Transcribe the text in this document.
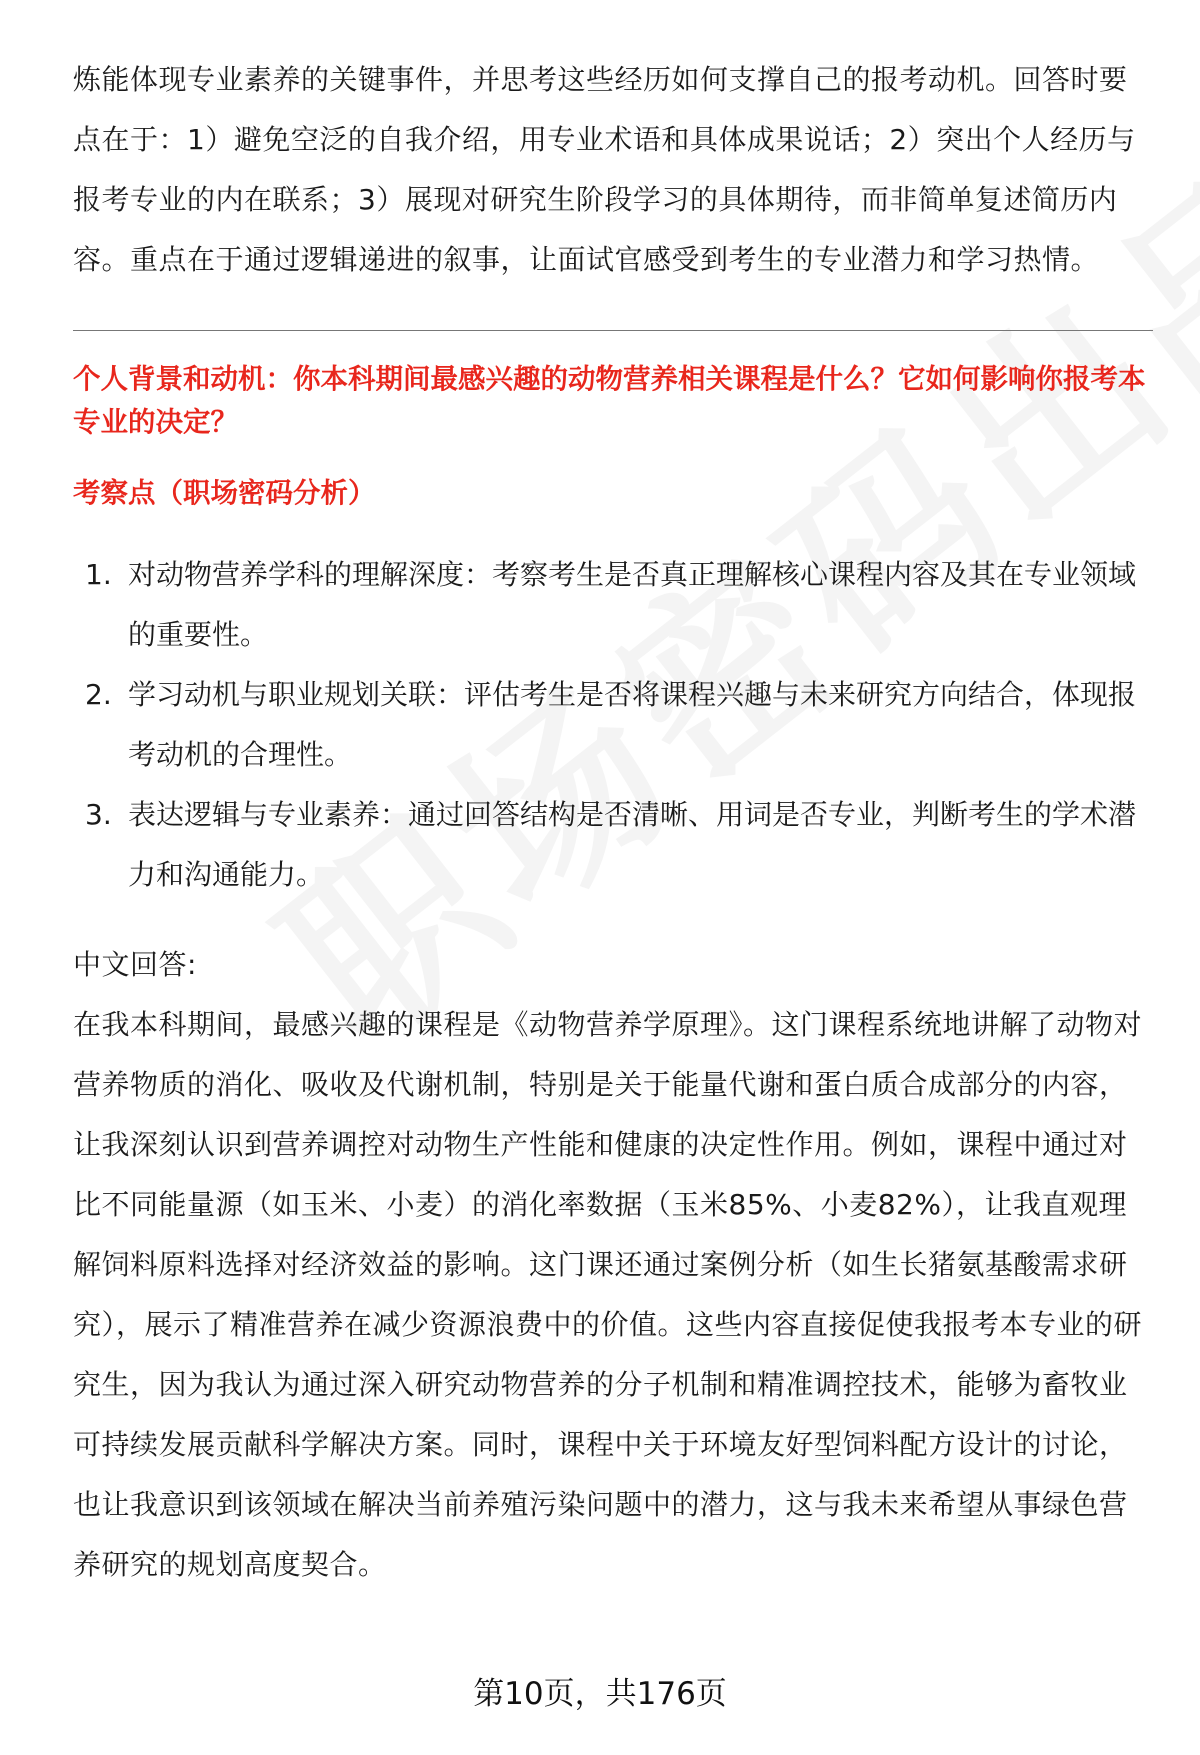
炼能体现专业素养的关键事件，并思考这些经历如何支撑自己的报考动机。回答时要点在于：1）避免空泛的自我介绍，用专业术语和具体成果说话；2）突出个人经历与报考专业的内在联系；3）展现对研究生阶段学习的具体期待，而非简单复述简历内容。重点在于通过逻辑递进的叙事，让面试官感受到考生的专业潜力和学习热情。

个人背景和动机：你本科期间最感兴趣的动物营养相关课程是什么？它如何影响你报考本专业的决定？

考察点（职场密码分析）

1. 对动物营养学科的理解深度：考察考生是否真正理解核心课程内容及其在专业领域的重要性。
2. 学习动机与职业规划关联：评估考生是否将课程兴趣与未来研究方向结合，体现报考动机的合理性。
3. 表达逻辑与专业素养：通过回答结构是否清晰、用词是否专业，判断考生的学术潜力和沟通能力。

中文回答:

在我本科期间，最感兴趣的课程是《动物营养学原理》。这门课程系统地讲解了动物对营养物质的消化、吸收及代谢机制，特别是关于能量代谢和蛋白质合成部分的内容，让我深刻认识到营养调控对动物生产性能和健康的决定性作用。例如，课程中通过对比不同能量源（如玉米、小麦）的消化率数据（玉米85%、小麦82%），让我直观理解饲料原料选择对经济效益的影响。这门课还通过案例分析（如生长猪氨基酸需求研究），展示了精准营养在减少资源浪费中的价值。这些内容直接促使我报考本专业的研究生，因为我认为通过深入研究动物营养的分子机制和精准调控技术，能够为畜牧业可持续发展贡献科学解决方案。同时，课程中关于环境友好型饲料配方设计的讨论，也让我意识到该领域在解决当前养殖污染问题中的潜力，这与我未来希望从事绿色营养研究的规划高度契合。

第10页，共176页
